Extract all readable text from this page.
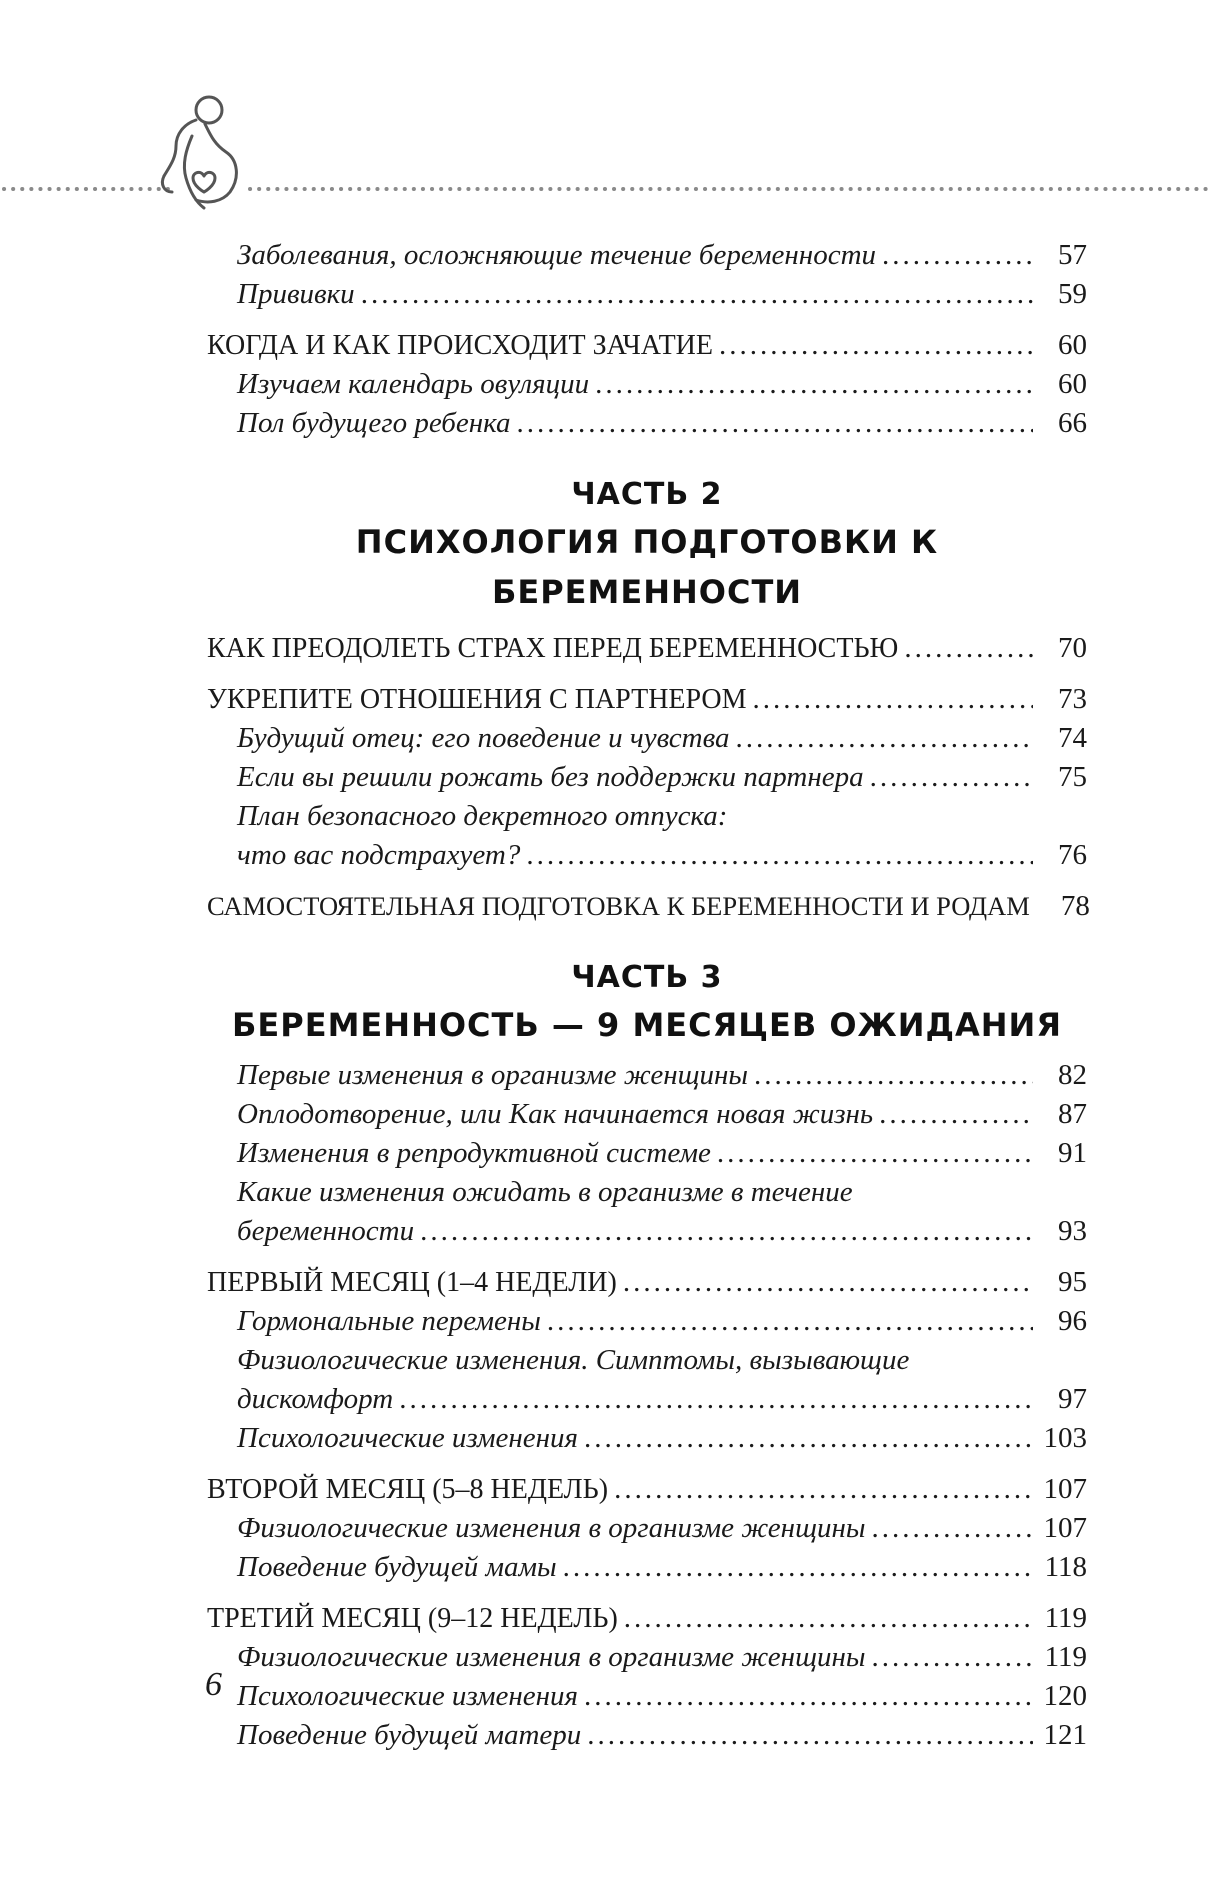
Заболевания, осложняющие течение беременности .....	57
Прививки .....	59
КОГДА И КАК ПРОИСХОДИТ ЗАЧАТИЕ .....	60
Изучаем календарь овуляции .....	60
Пол будущего ребенка .....	66
ЧАСТЬ 2
ПСИХОЛОГИЯ ПОДГОТОВКИ К БЕРЕМЕННОСТИ
КАК ПРЕОДОЛЕТЬ СТРАХ ПЕРЕД БЕРЕМЕННОСТЬЮ .....	70
УКРЕПИТЕ ОТНОШЕНИЯ С ПАРТНЕРОМ .....	73
Будущий отец: его поведение и чувства .....	74
Если вы решили рожать без поддержки партнера .....	75
План безопасного декретного отпуска:
что вас подстрахует? .....	76
САМОСТОЯТЕЛЬНАЯ ПОДГОТОВКА К БЕРЕМЕННОСТИ И РОДАМ	78
ЧАСТЬ 3
БЕРЕМЕННОСТЬ — 9 МЕСЯЦЕВ ОЖИДАНИЯ
Первые изменения в организме женщины .....	82
Оплодотворение, или Как начинается новая жизнь .....	87
Изменения в репродуктивной системе .....	91
Какие изменения ожидать в организме в течение
беременности .....	93
ПЕРВЫЙ МЕСЯЦ (1–4 НЕДЕЛИ) .....	95
Гормональные перемены .....	96
Физиологические изменения. Симптомы, вызывающие
дискомфорт .....	97
Психологические изменения .....	103
ВТОРОЙ МЕСЯЦ (5–8 НЕДЕЛЬ) .....	107
Физиологические изменения в организме женщины .....	107
Поведение будущей мамы .....	118
ТРЕТИЙ МЕСЯЦ (9–12 НЕДЕЛЬ) .....	119
Физиологические изменения в организме женщины .....	119
Психологические изменения .....	120
Поведение будущей матери .....	121
6
